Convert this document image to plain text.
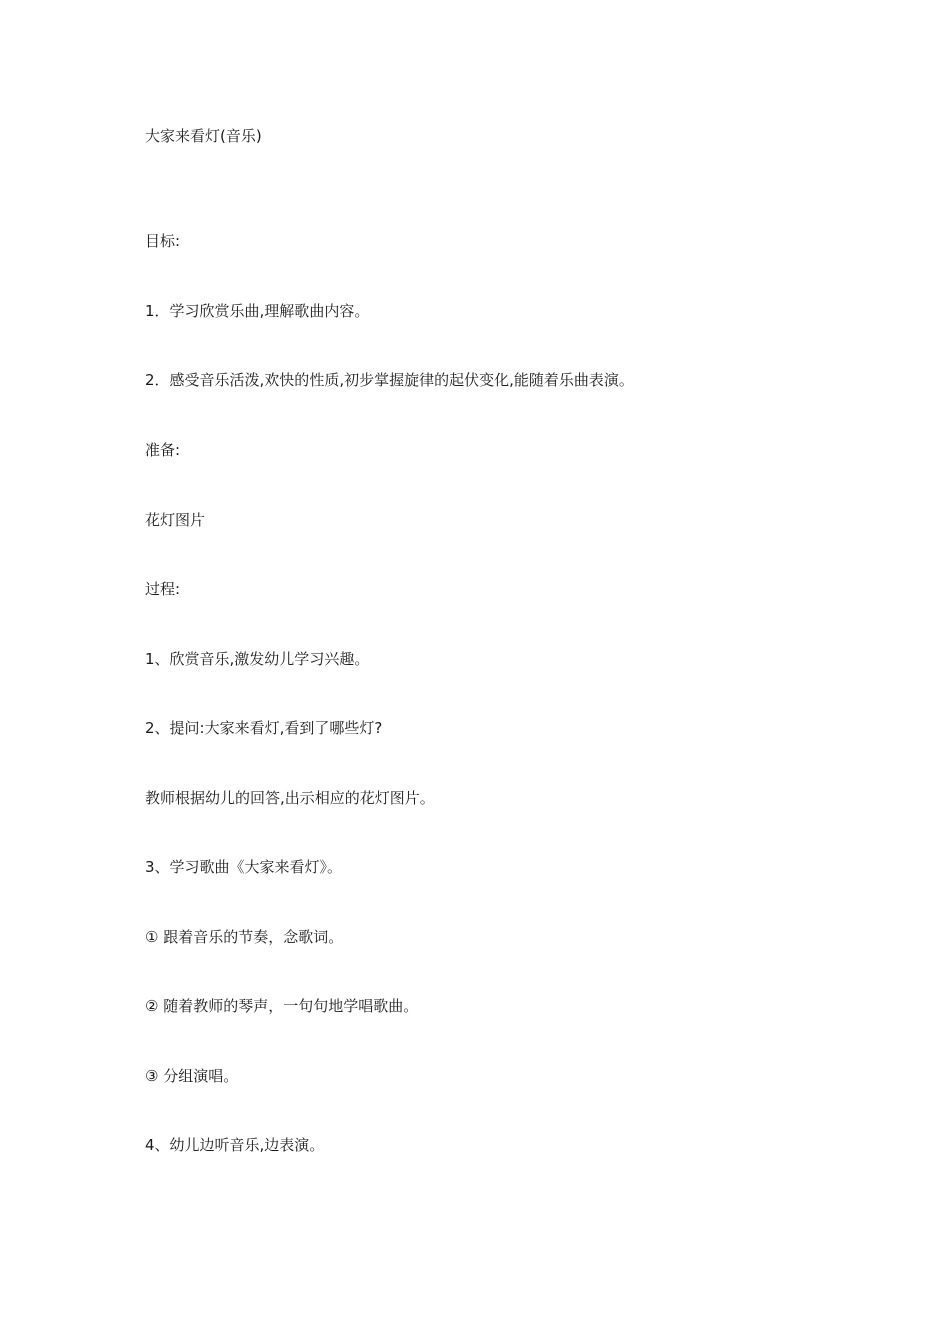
大家来看灯(音乐)
目标:
1．学习欣赏乐曲,理解歌曲内容。
2．感受音乐活泼,欢快的性质,初步掌握旋律的起伏变化,能随着乐曲表演。
准备:
花灯图片
过程:
1、欣赏音乐,激发幼儿学习兴趣。
2、提问:大家来看灯,看到了哪些灯?
教师根据幼儿的回答,出示相应的花灯图片。
3、学习歌曲《大家来看灯》。
① 跟着音乐的节奏，念歌词。
② 随着教师的琴声，一句句地学唱歌曲。
③ 分组演唱。
4、幼儿边听音乐,边表演。
